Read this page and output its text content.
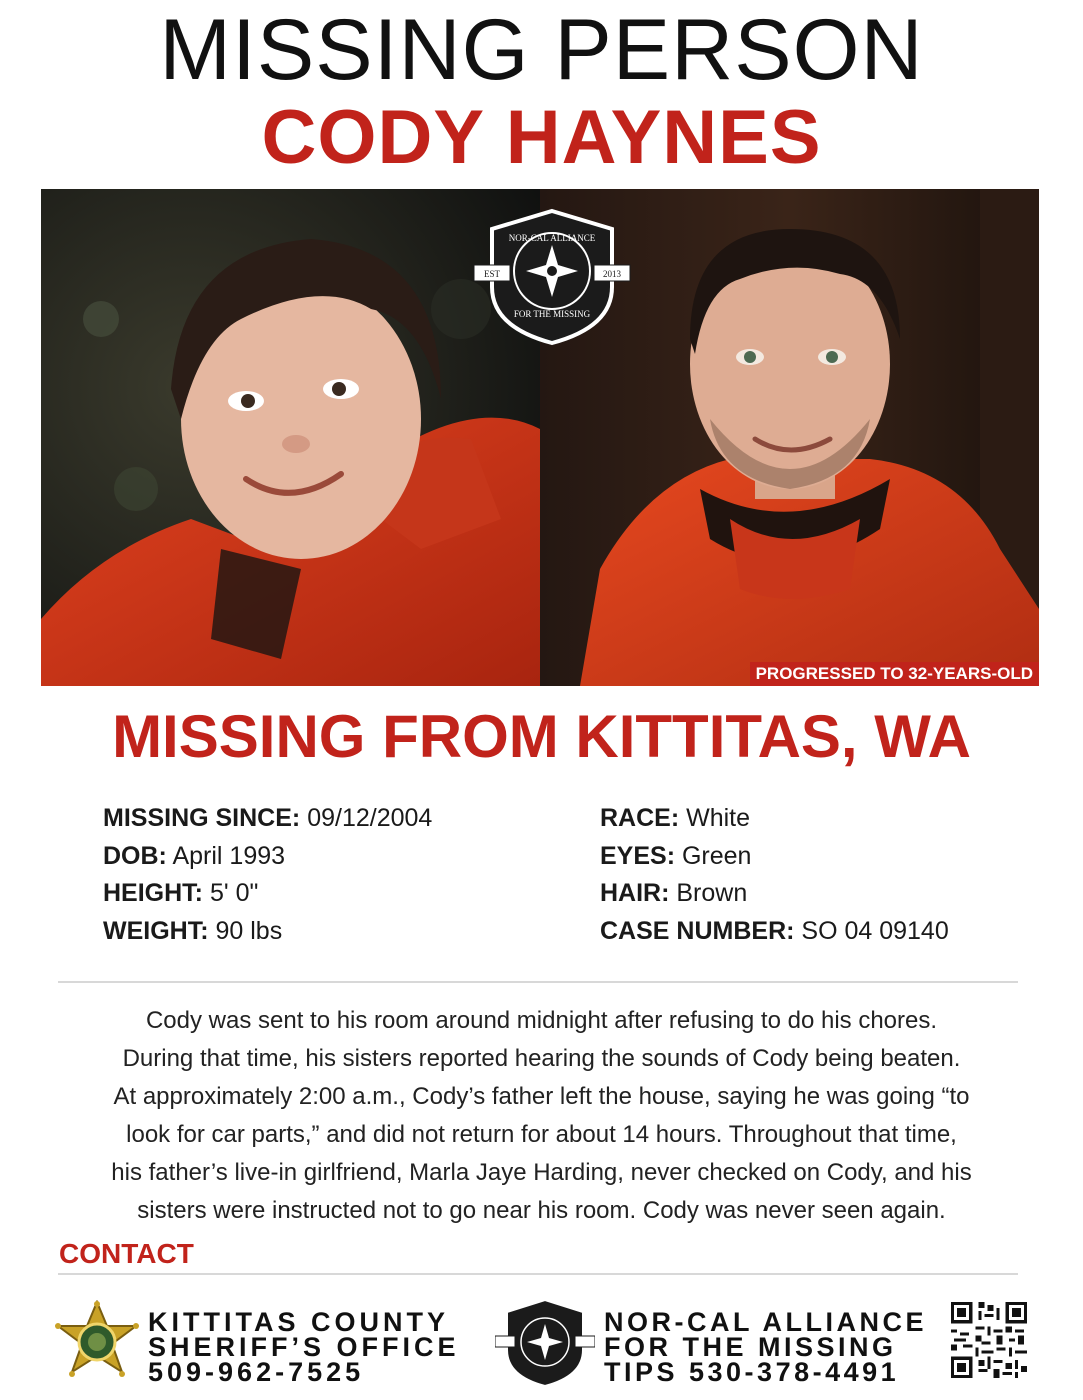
MISSING PERSON
CODY HAYNES
EST	2013
NOR-CAL ALLIANCE
FOR THE MISSING
PROGRESSED TO 32-YEARS-OLD
MISSING FROM KITTITAS, WA
MISSING SINCE: 09/12/2004
DOB: April 1993
HEIGHT: 5' 0"
WEIGHT: 90 lbs
RACE: White
EYES: Green
HAIR: Brown
CASE NUMBER: SO 04 09140
Cody was sent to his room around midnight after refusing to do his chores.
During that time, his sisters reported hearing the sounds of Cody being beaten.
At approximately 2:00 a.m., Cody’s father left the house, saying he was going “to
look for car parts,” and did not return for about 14 hours. Throughout that time,
his father’s live-in girlfriend, Marla Jaye Harding, never checked on Cody, and his
sisters were instructed not to go near his room. Cody was never seen again.
CONTACT
KITTITAS COUNTY
SHERIFF’S OFFICE
509-962-7525
NOR-CAL ALLIANCE
FOR THE MISSING
TIPS 530-378-4491
